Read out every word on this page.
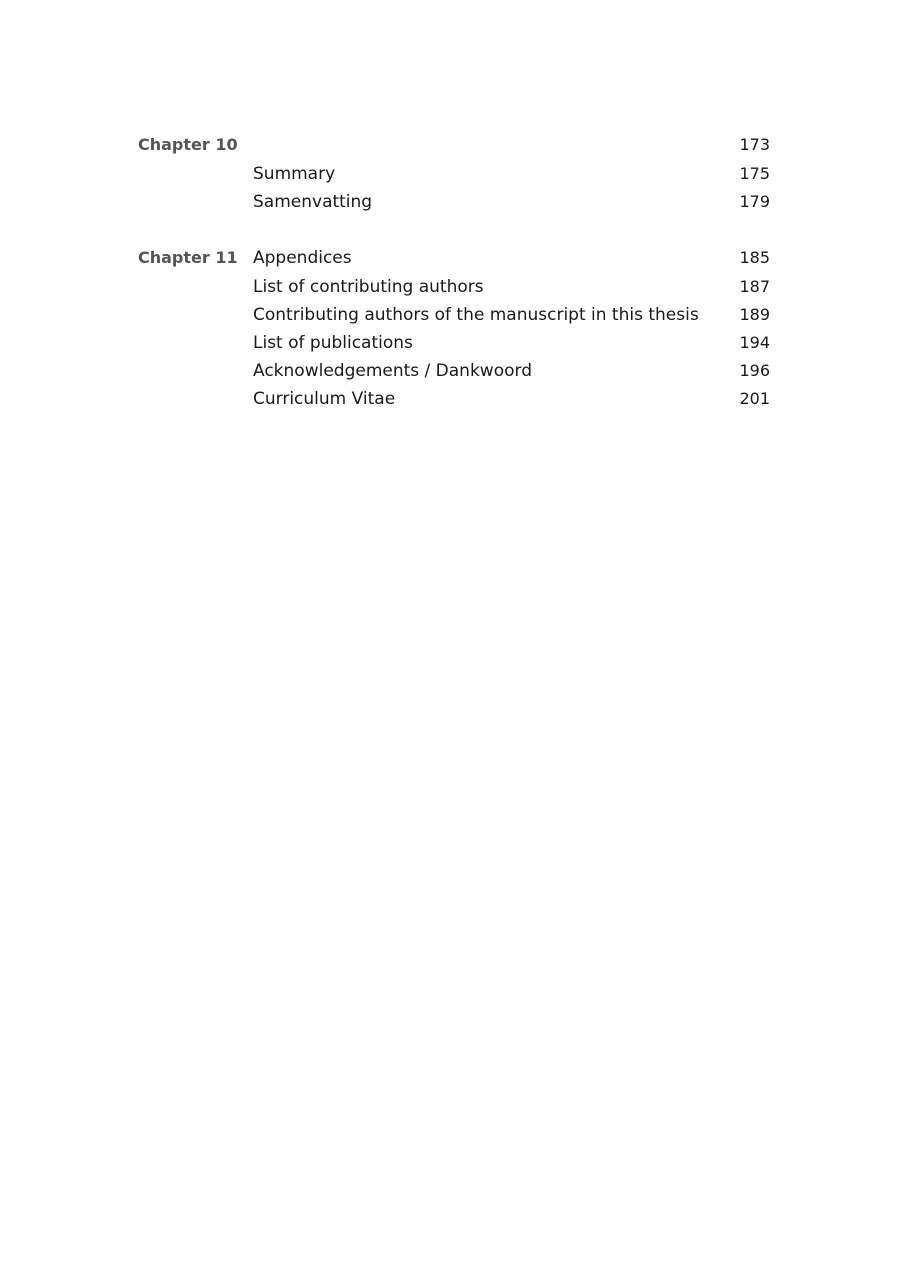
Chapter 10	173
Summary	175
Samenvatting	179
Chapter 11 Appendices	185
List of contributing authors	187
Contributing authors of the manuscript in this thesis	189
List of publications	194
Acknowledgements / Dankwoord	196
Curriculum Vitae	201
